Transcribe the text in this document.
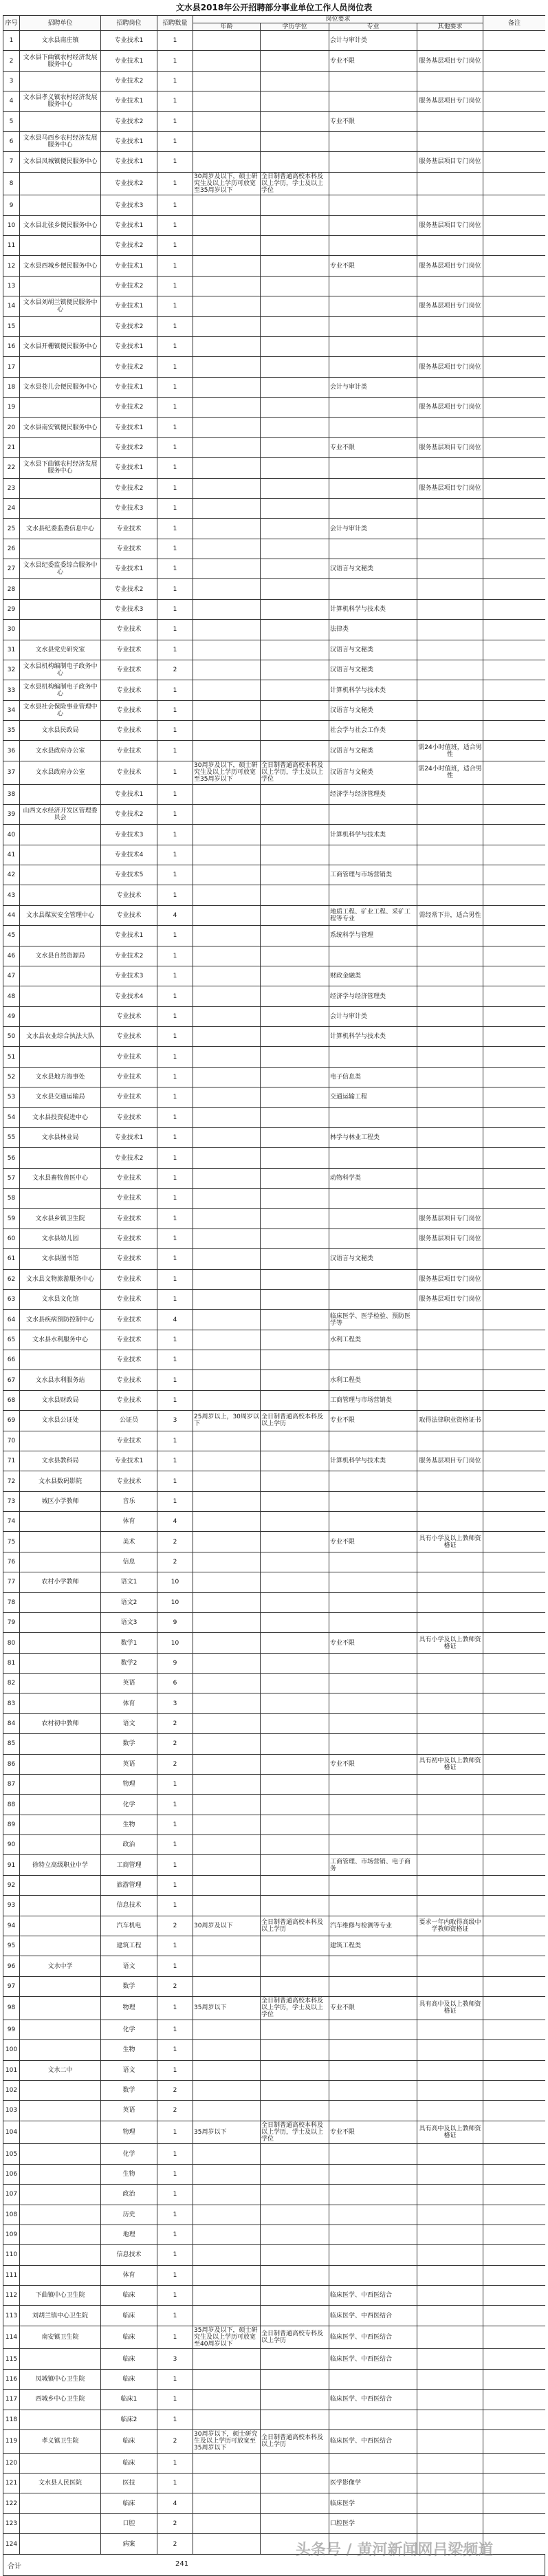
文水县2018年公开招聘部分事业单位工作人员岗位表
序号	招聘单位	招聘岗位	招聘数量	岗位要求				备注
				年龄	学历学位	专业	其他要求	
1	文水县南庄镇	专业技术1	1			会计与审计类		
2	文水县下曲镇农村经济发展服务中心	专业技术1	1			专业不限	服务基层项目专门岗位	
3		专业技术2	1					
4	文水县孝义镇农村经济发展服务中心	专业技术1	1				服务基层项目专门岗位	
5		专业技术2	1			专业不限		
6	文水县马西乡农村经济发展服务中心	专业技术1	1					
7	文水县凤城镇便民服务中心	专业技术1	1				服务基层项目专门岗位	
8		专业技术2	1	30周岁及以下，硕士研究生及以上学历可放宽至35周岁以下	全日制普通高校本科及以上学历，学士及以上学位			
9		专业技术3	1					
10	文水县北张乡便民服务中心	专业技术1	1				服务基层项目专门岗位	
11		专业技术2	1					
12	文水县西城乡便民服务中心	专业技术1	1			专业不限	服务基层项目专门岗位	
13		专业技术2	1					
14	文水县刘胡兰镇便民服务中心	专业技术1	1				服务基层项目专门岗位	
15		专业技术2	1					
16	文水县开栅镇便民服务中心	专业技术1	1					
17		专业技术2	1				服务基层项目专门岗位	
18	文水县苍儿会便民服务中心	专业技术1	1			会计与审计类		
19		专业技术2	1				服务基层项目专门岗位	
20	文水县南安镇便民服务中心	专业技术1	1					
21		专业技术2	1			专业不限	服务基层项目专门岗位	
22	文水县下曲镇农村经济发展服务中心	专业技术1	1					
23		专业技术2	1				服务基层项目专门岗位	
24		专业技术3	1					
25	文水县纪委监委信息中心	专业技术	1			会计与审计类		
26		专业技术	1					
27	文水县纪委监委综合服务中心	专业技术1	1			汉语言与文秘类		
28		专业技术2	1					
29		专业技术3	1			计算机科学与技术类		
30		专业技术	1			法律类		
31	文水县党史研究室	专业技术	1			汉语言与文秘类		
32	文水县机构编制电子政务中心	专业技术	2			汉语言与文秘类		
33	文水县机构编制电子政务中心	专业技术	1			计算机科学与技术类		
34	文水县社会保险事业管理中心	专业技术	1			汉语言与文秘类		
35	文水县民政局	专业技术	1			社会学与社会工作类		
36	文水县政府办公室	专业技术	1			汉语言与文秘类	需24小时值班，适合男性	
37	文水县政府办公室	专业技术	1	30周岁及以下，硕士研究生及以上学历可放宽至35周岁以下	全日制普通高校本科及以上学历，学士及以上学位	汉语言与文秘类	需24小时值班，适合男性	
38		专业技术1	1			经济学与经济管理类		
39	山西文水经济开发区管理委员会	专业技术2	1					
40		专业技术3	1			计算机科学与技术类		
41		专业技术4	1					
42		专业技术5	1			工商管理与市场营销类		
43		专业技术	1					
44	文水县煤炭安全管理中心	专业技术	4			地质工程、矿业工程、采矿工程等专业	需经常下井，适合男性	
45		专业技术1	1			系统科学与管理		
46	文水县自然资源局	专业技术2	1					
47		专业技术3	1			财政金融类		
48		专业技术4	1			经济学与经济管理类		
49		专业技术	1			会计与审计类		
50	文水县农业综合执法大队	专业技术	1			计算机科学与技术类		
51		专业技术	1					
52	文水县地方海事处	专业技术	1			电子信息类		
53	文水县交通运输局	专业技术	1			交通运输工程		
54	文水县投资促进中心	专业技术	1					
55	文水县林业局	专业技术1	1			林学与林业工程类		
56		专业技术2	1					
57	文水县畜牧兽医中心	专业技术	1			动物科学类		
58		专业技术	1					
59	文水县乡镇卫生院	专业技术	1				服务基层项目专门岗位	
60	文水县幼儿园	专业技术	1				服务基层项目专门岗位	
61	文水县图书馆	专业技术	1			汉语言与文秘类		
62	文水县文物旅游服务中心	专业技术	1				服务基层项目专门岗位	
63	文水县文化馆	专业技术	1				服务基层项目专门岗位	
64	文水县疾病预防控制中心	专业技术	4			临床医学、医学检验、预防医学等		
65	文水县水利服务中心	专业技术	1			水利工程类		
66		专业技术	1					
67	文水县水利服务站	专业技术	1			水利工程类		
68	文水县财政局	专业技术	1			工商管理与市场营销类		
69	文水县公证处	公证员	3	25周岁以上，30周岁以下	全日制普通高校本科及以上学历	专业不限	取得法律职业资格证书	
70		专业技术	1					
71	文水县教科局	专业技术1	1			计算机科学与技术类	服务基层项目专门岗位	
72	文水县数码影院	专业技术	1					
73	城区小学教师	音乐	1					
74		体育	4					
75		美术	2			专业不限	具有小学及以上教师资格证	
76		信息	2					
77	农村小学教师	语文1	10					
78		语文2	10					
79		语文3	9					
80		数学1	10			专业不限	具有小学及以上教师资格证	
81		数学2	9					
82		英语	6					
83		体育	3					
84	农村初中教师	语文	2					
85		数学	2					
86		英语	2			专业不限	具有初中及以上教师资格证	
87		物理	1					
88		化学	1					
89		生物	1					
90		政治	1					
91	徐特立高级职业中学	工商管理	1			工商管理、市场营销、电子商务		
92		旅游管理	1					
93		信息技术	1					
94		汽车机电	2	30周岁及以下	全日制普通高校本科及以上学历	汽车维修与检测等专业	要求一年内取得高级中学教师资格证	
95		建筑工程	1			建筑工程类		
96	文水中学	语文	1					
97		数学	2					
98		物理	1	35周岁以下	全日制普通高校本科及以上学历，学士及以上学位	专业不限	具有高中及以上教师资格证	
99		化学	1					
100		生物	1					
101	文水二中	语文	1					
102		数学	2					
103		英语	2					
104		物理	1	35周岁以下	全日制普通高校本科及以上学历，学士及以上学位	专业不限	具有高中及以上教师资格证	
105		化学	1					
106		生物	1					
107		政治	1					
108		历史	1					
109		地理	1					
110		信息技术	1					
111		体育	1					
112	下曲镇中心卫生院	临床	1			临床医学、中西医结合		
113	刘胡兰镇中心卫生院	临床	1			临床医学、中西医结合		
114	南安镇卫生院	临床	1	35周岁及以下，硕士研究生及以上学历可放宽至40周岁以下	全日制普通高校专科及以上学历	临床医学、中西医结合		
115		临床	3			临床医学、中西医结合		
116	凤城镇中心卫生院	临床	1					
117	西城乡中心卫生院	临床1	1			临床医学、中西医结合		
118		临床2	1					
119	孝义镇卫生院	临床	2	30周岁以下，硕士研究生及以上学历可放宽至35周岁以下	全日制普通高校本科及以上学历	临床医学、中西医结合		
120		临床	1					
121	文水县人民医院	医技	1			医学影像学		
122		临床	4			临床医学		
123		口腔	2			口腔医学		
124		病案	2					
合计	241
头条号 / 黄河新闻网吕梁频道
